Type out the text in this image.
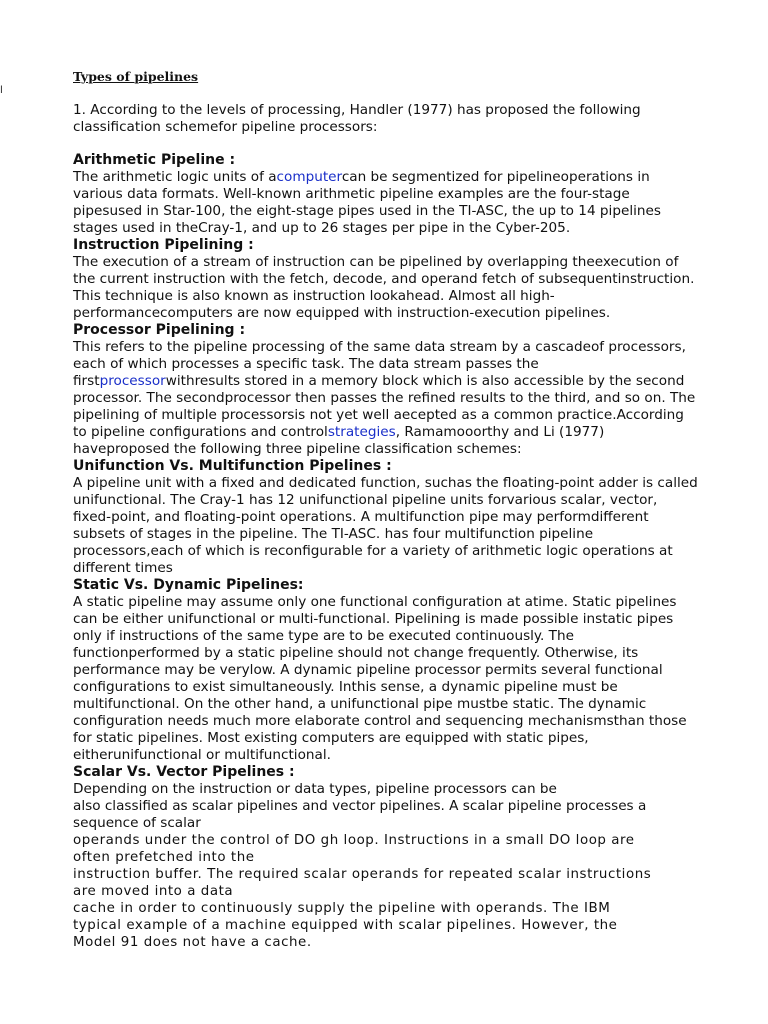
l

Types of pipelines

1. According to the levels of processing, Handler (1977) has proposed the following classification schemefor pipeline processors:

Arithmetic Pipeline :

The arithmetic logic units of acomputercan be segmentized for pipelineoperations in
various data formats. Well-known arithmetic pipeline examples are the four-stage
pipesused in Star-100, the eight-stage pipes used in the TI-ASC, the up to 14 pipelines
stages used in theCray-1, and up to 26 stages per pipe in the Cyber-205.

Instruction Pipelining :

The execution of a stream of instruction can be pipelined by overlapping theexecution of
the current instruction with the fetch, decode, and operand fetch of subsequentinstruction.
This technique is also known as instruction lookahead. Almost all high-
performancecomputers are now equipped with instruction-execution pipelines.

Processor Pipelining :

This refers to the pipeline processing of the same data stream by a cascadeof processors,
each of which processes a specific task. The data stream passes the
firstprocessorwithresults stored in a memory block which is also accessible by the second
processor. The secondprocessor then passes the refined results to the third, and so on. The
pipelining of multiple processorsis not yet well aecepted as a common practice.According
to pipeline configurations and controlstrategies, Ramamooorthy and Li (1977)
haveproposed the following three pipeline classification schemes:

Unifunction Vs. Multifunction Pipelines :

A pipeline unit with a fixed and dedicated function, suchas the floating-point adder is called
unifunctional. The Cray-1 has 12 unifunctional pipeline units forvarious scalar, vector,
fixed-point, and floating-point operations. A multifunction pipe may performdifferent
subsets of stages in the pipeline. The TI-ASC. has four multifunction pipeline
processors,each of which is reconfigurable for a variety of arithmetic logic operations at
different times

Static Vs. Dynamic Pipelines:

A static pipeline may assume only one functional configuration at atime. Static pipelines
can be either unifunctional or multi-functional. Pipelining is made possible instatic pipes
only if instructions of the same type are to be executed continuously. The
functionperformed by a static pipeline should not change frequently. Otherwise, its
performance may be verylow. A dynamic pipeline processor permits several functional
configurations to exist simultaneously. Inthis sense, a dynamic pipeline must be
multifunctional. On the other hand, a unifunctional pipe mustbe static. The dynamic
configuration needs much more elaborate control and sequencing mechanismsthan those
for static pipelines. Most existing computers are equipped with static pipes,
eitherunifunctional or multifunctional.

Scalar Vs. Vector Pipelines :

Depending on the instruction or data types, pipeline processors can be
also classified as scalar pipelines and vector pipelines. A scalar pipeline processes a
sequence of scalar

operands under the control of DO gh loop. Instructions in a small DO loop are
often prefetched into the
instruction buffer. The required scalar operands for repeated scalar instructions
are moved into a data
cache in order to continuously supply the pipeline with operands. The IBM
typical example of a machine equipped with scalar pipelines. However, the
Model 91 does not have a cache.
